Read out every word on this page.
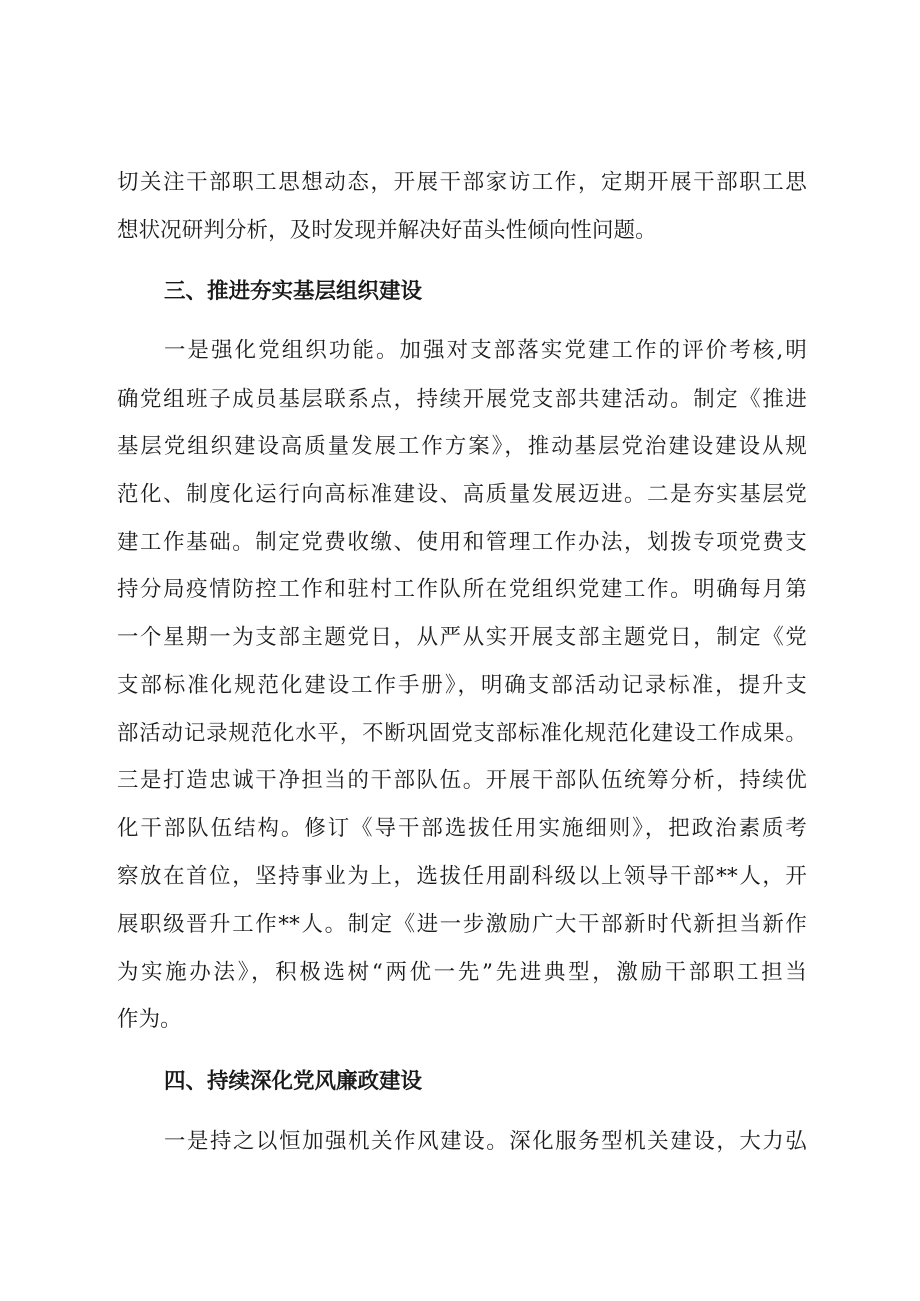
切关注干部职工思想动态，开展干部家访工作，定期开展干部职工思
想状况研判分析，及时发现并解决好苗头性倾向性问题。
三、推进夯实基层组织建设
一是强化党组织功能。加强对支部落实党建工作的评价考核,明
确党组班子成员基层联系点，持续开展党支部共建活动。制定《推进
基层党组织建设高质量发展工作方案》，推动基层党治建设建设从规
范化、制度化运行向高标准建设、高质量发展迈进。二是夯实基层党
建工作基础。制定党费收缴、使用和管理工作办法，划拨专项党费支
持分局疫情防控工作和驻村工作队所在党组织党建工作。明确每月第
一个星期一为支部主题党日，从严从实开展支部主题党日，制定《党
支部标准化规范化建设工作手册》，明确支部活动记录标准，提升支
部活动记录规范化水平，不断巩固党支部标准化规范化建设工作成果。
三是打造忠诚干净担当的干部队伍。开展干部队伍统筹分析，持续优
化干部队伍结构。修订《导干部选拔任用实施细则》，把政治素质考
察放在首位，坚持事业为上，选拔任用副科级以上领导干部**人，开
展职级晋升工作**人。制定《进一步激励广大干部新时代新担当新作
为实施办法》，积极选树“两优一先”先进典型，激励干部职工担当
作为。
四、持续深化党风廉政建设
一是持之以恒加强机关作风建设。深化服务型机关建设，大力弘
